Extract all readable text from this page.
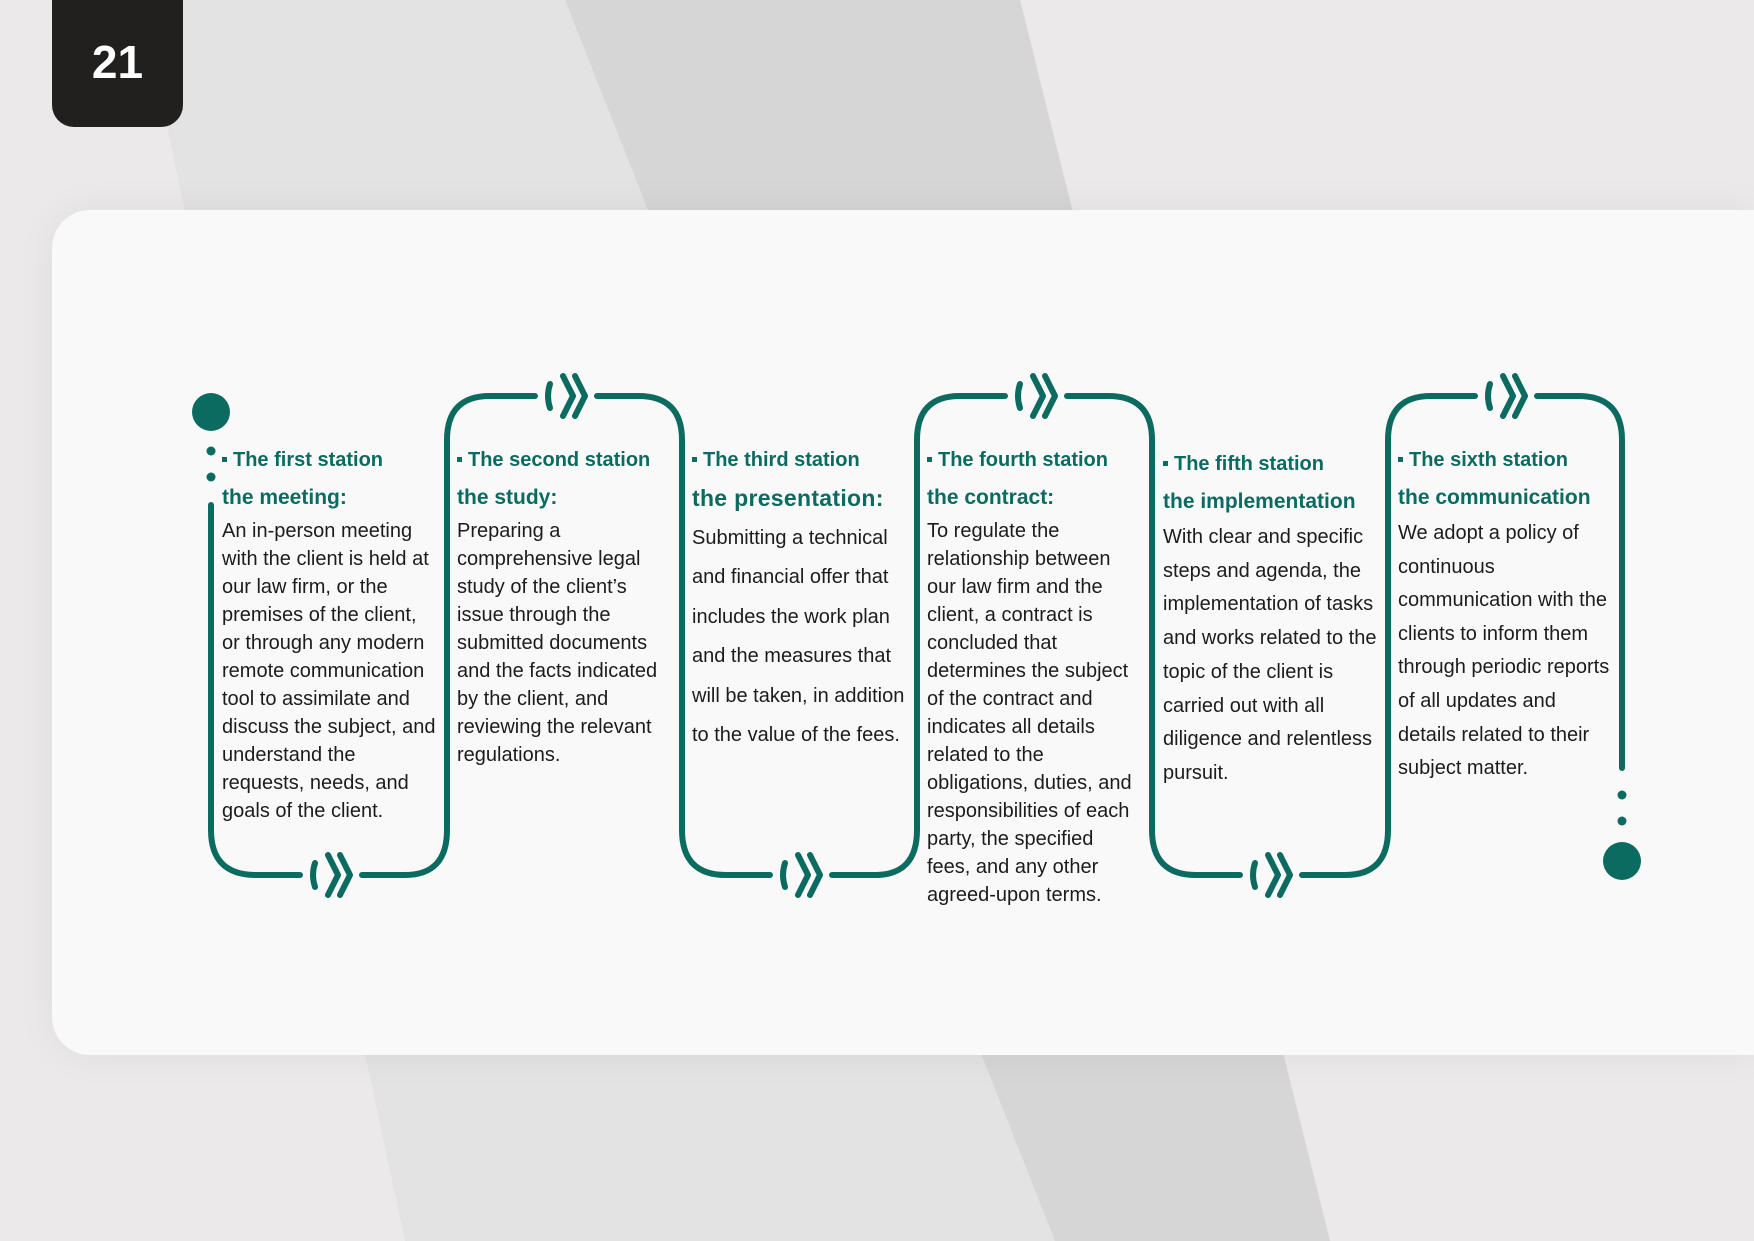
21
The first station
the meeting:

An in-person meeting with the client is held at our law firm, or the premises of the client, or through any modern remote communication tool to assimilate and discuss the subject, and understand the requests, needs, and goals of the client.

The second station
the study:

Preparing a comprehensive legal study of the client’s issue through the submitted documents and the facts indicated by the client, and reviewing the relevant regulations.

The third station
the presentation:

Submitting a technical and financial offer that includes the work plan and the measures that will be taken, in addition to the value of the fees.

The fourth station
the contract:

To regulate the relationship between our law firm and the client, a contract is concluded that determines the subject of the contract and indicates all details related to the obligations, duties, and responsibilities of each party, the specified fees, and any other agreed-upon terms.

The fifth station
the implementation

With clear and specific steps and agenda, the implementation of tasks and works related to the topic of the client is carried out with all diligence and relentless pursuit.

The sixth station
the communication

We adopt a policy of continuous communication with the clients to inform them through periodic reports of all updates and details related to their subject matter.
